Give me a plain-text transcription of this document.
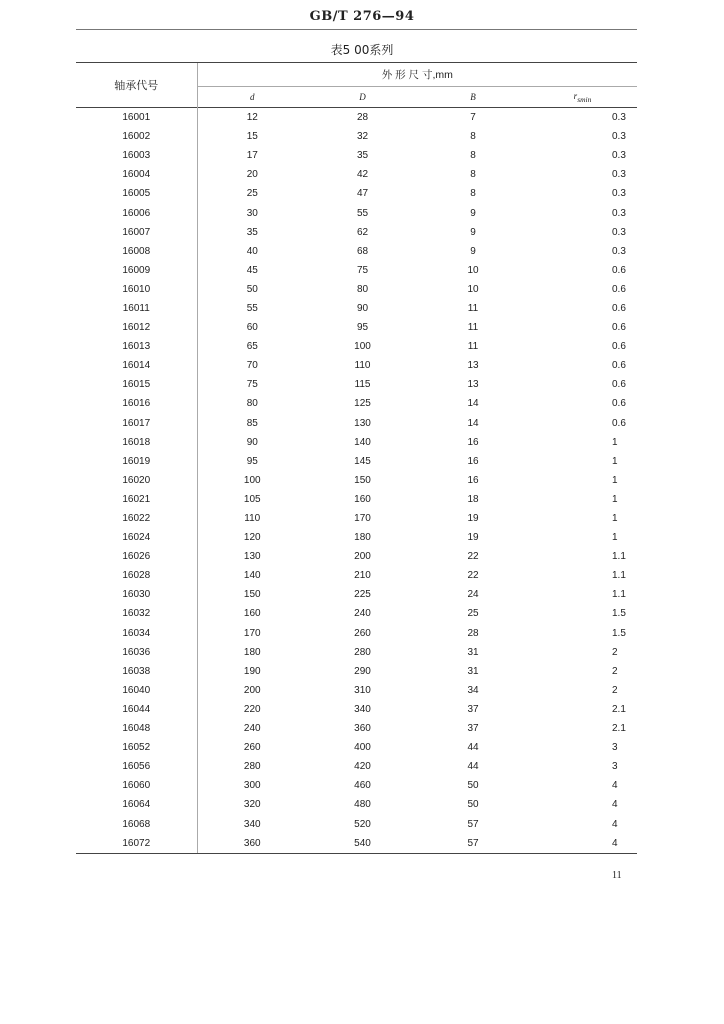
GB/T 276—94
表5 00系列
轴承代号	外 形 尺 寸,mm			
	d	D	B	$r_{smin}$
16001	12	28	7	0.3
16002	15	32	8	0.3
16003	17	35	8	0.3
16004	20	42	8	0.3
16005	25	47	8	0.3
16006	30	55	9	0.3
16007	35	62	9	0.3
16008	40	68	9	0.3
16009	45	75	10	0.6
16010	50	80	10	0.6
16011	55	90	11	0.6
16012	60	95	11	0.6
16013	65	100	11	0.6
16014	70	110	13	0.6
16015	75	115	13	0.6
16016	80	125	14	0.6
16017	85	130	14	0.6
16018	90	140	16	1
16019	95	145	16	1
16020	100	150	16	1
16021	105	160	18	1
16022	110	170	19	1
16024	120	180	19	1
16026	130	200	22	1.1
16028	140	210	22	1.1
16030	150	225	24	1.1
16032	160	240	25	1.5
16034	170	260	28	1.5
16036	180	280	31	2
16038	190	290	31	2
16040	200	310	34	2
16044	220	340	37	2.1
16048	240	360	37	2.1
16052	260	400	44	3
16056	280	420	44	3
16060	300	460	50	4
16064	320	480	50	4
16068	340	520	57	4
16072	360	540	57	4
11
